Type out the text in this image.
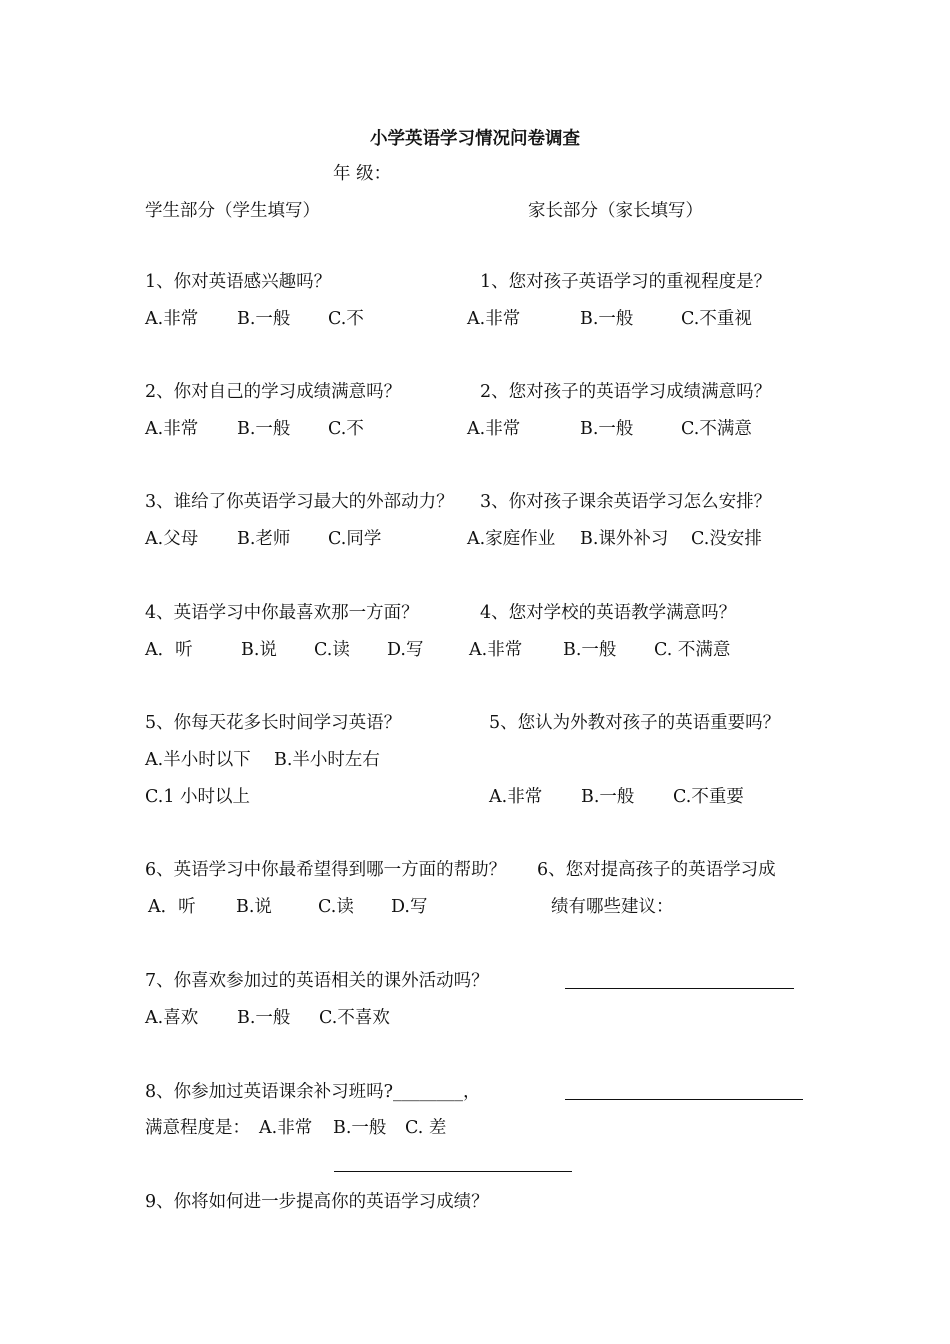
小学英语学习情况问卷调查
年 级：
学生部分（学生填写）	家长部分（家长填写）
1、你对英语感兴趣吗？	1、您对孩子英语学习的重视程度是？
A.非常 B.一般 C.不	A.非常	B.一般	C.不重视
2、你对自己的学习成绩满意吗？	2、您对孩子的英语学习成绩满意吗？
A.非常 B.一般 C.不	A.非常	B.一般	C.不满意
3、谁给了你英语学习最大的外部动力？ 3、你对孩子课余英语学习怎么安排？
A.父母 B.老师 C.同学	A.家庭作业 B.课外补习 C.没安排
4、英语学习中你最喜欢那一方面？	4、您对学校的英语教学满意吗？
A．听	B.说 C.读 D.写	A.非常 B.一般 C. 不满意
5、你每天花多长时间学习英语？	5、您认为外教对孩子的英语重要吗？
A.半小时以下 B.半小时左右
C.1 小时以上	A.非常 B.一般 C.不重要
6、英语学习中你最希望得到哪一方面的帮助？ 6、您对提高孩子的英语学习成
A．听 B.说	C.读 D.写	绩有哪些建议：
7、你喜欢参加过的英语相关的课外活动吗？
A.喜欢 B.一般 C.不喜欢
8、你参加过英语课余补习班吗?________，
满意程度是： A.非常 B.一般 C. 差
9、你将如何进一步提高你的英语学习成绩？
